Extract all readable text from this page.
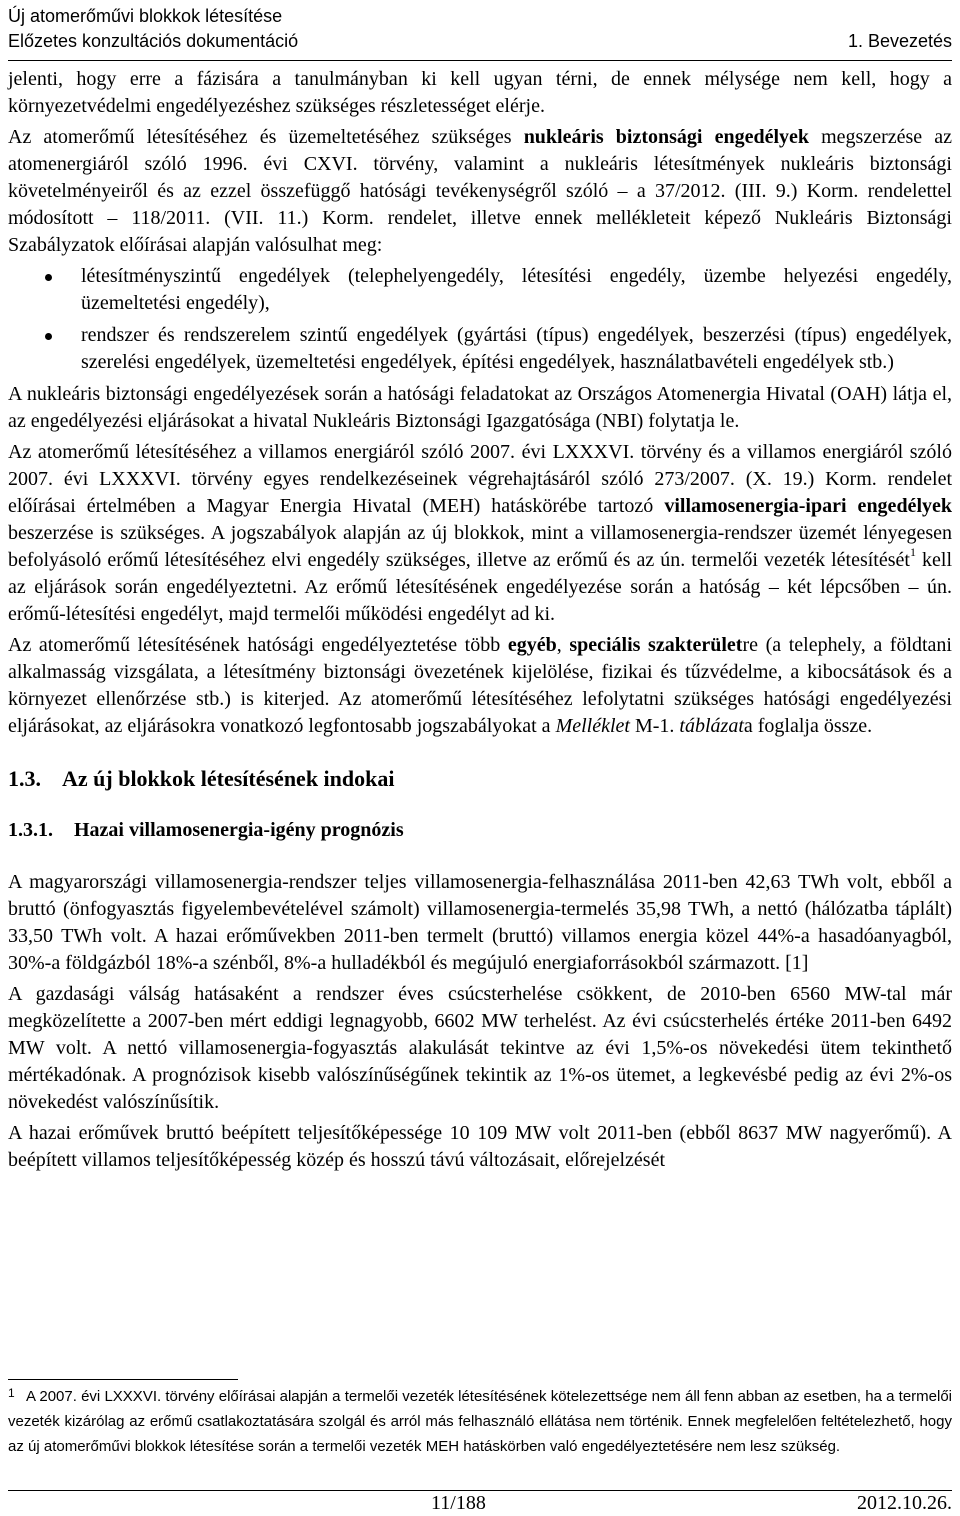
Új atomerőművi blokkok létesítése
Előzetes konzultációs dokumentáció	1. Bevezetés

jelenti, hogy erre a fázisára a tanulmányban ki kell ugyan térni, de ennek mélysége nem kell, hogy a környezetvédelmi engedélyezéshez szükséges részletességet elérje.

Az atomerőmű létesítéséhez és üzemeltetéséhez szükséges nukleáris biztonsági engedélyek megszerzése az atomenergiáról szóló 1996. évi CXVI. törvény, valamint a nukleáris létesítmények nukleáris biztonsági követelményeiről és az ezzel összefüggő hatósági tevékenységről szóló – a 37/2012. (III. 9.) Korm. rendelettel módosított – 118/2011. (VII. 11.) Korm. rendelet, illetve ennek mellékleteit képező Nukleáris Biztonsági Szabályzatok előírásai alapján valósulhat meg:

létesítményszintű engedélyek (telephelyengedély, létesítési engedély, üzembe helyezési engedély, üzemeltetési engedély),
rendszer és rendszerelem szintű engedélyek (gyártási (típus) engedélyek, beszerzési (típus) engedélyek, szerelési engedélyek, üzemeltetési engedélyek, építési engedélyek, használatbavételi engedélyek stb.)

A nukleáris biztonsági engedélyezések során a hatósági feladatokat az Országos Atomenergia Hivatal (OAH) látja el, az engedélyezési eljárásokat a hivatal Nukleáris Biztonsági Igazgatósága (NBI) folytatja le.

Az atomerőmű létesítéséhez a villamos energiáról szóló 2007. évi LXXXVI. törvény és a villamos energiáról szóló 2007. évi LXXXVI. törvény egyes rendelkezéseinek végrehajtásáról szóló 273/2007. (X. 19.) Korm. rendelet előírásai értelmében a Magyar Energia Hivatal (MEH) hatáskörébe tartozó villamosenergia-ipari engedélyek beszerzése is szükséges. A jogszabályok alapján az új blokkok, mint a villamosenergia-rendszer üzemét lényegesen befolyásoló erőmű létesítéséhez elvi engedély szükséges, illetve az erőmű és az ún. termelői vezeték létesítését$^1$ kell az eljárások során engedélyeztetni. Az erőmű létesítésének engedélyezése során a hatóság – két lépcsőben – ún. erőmű-létesítési engedélyt, majd termelői működési engedélyt ad ki.

Az atomerőmű létesítésének hatósági engedélyeztetése több egyéb, speciális szakterületre (a telephely, a földtani alkalmasság vizsgálata, a létesítmény biztonsági övezetének kijelölése, fizikai és tűzvédelme, a kibocsátások és a környezet ellenőrzése stb.) is kiterjed. Az atomerőmű létesítéséhez lefolytatni szükséges hatósági engedélyezési eljárásokat, az eljárásokra vonatkozó legfontosabb jogszabályokat a Melléklet M-1. táblázata foglalja össze.

1.3. Az új blokkok létesítésének indokai
1.3.1. Hazai villamosenergia-igény prognózis

A magyarországi villamosenergia-rendszer teljes villamosenergia-felhasználása 2011-ben 42,63 TWh volt, ebből a bruttó (önfogyasztás figyelembevételével számolt) villamosenergia-termelés 35,98 TWh, a nettó (hálózatba táplált) 33,50 TWh volt. A hazai erőművekben 2011-ben termelt (bruttó) villamos energia közel 44%-a hasadóanyagból, 30%-a földgázból 18%-a szénből, 8%-a hulladékból és megújuló energiaforrásokból származott. [1]

A gazdasági válság hatásaként a rendszer éves csúcsterhelése csökkent, de 2010-ben 6560 MW-tal már megközelítette a 2007-ben mért eddigi legnagyobb, 6602 MW terhelést. Az évi csúcsterhelés értéke 2011-ben 6492 MW volt. A nettó villamosenergia-fogyasztás alakulását tekintve az évi 1,5%-os növekedési ütem tekinthető mértékadónak. A prognózisok kisebb valószínűségűnek tekintik az 1%-os ütemet, a legkevésbé pedig az évi 2%-os növekedést valószínűsítik.

A hazai erőművek bruttó beépített teljesítőképessége 10 109 MW volt 2011-ben (ebből 8637 MW nagyerőmű). A beépített villamos teljesítőképesség közép és hosszú távú változásait, előrejelzését

1 A 2007. évi LXXXVI. törvény előírásai alapján a termelői vezeték létesítésének kötelezettsége nem áll fenn abban az esetben, ha a termelői vezeték kizárólag az erőmű csatlakoztatására szolgál és arról más felhasználó ellátása nem történik. Ennek megfelelően feltételezhető, hogy az új atomerőművi blokkok létesítése során a termelői vezeték MEH hatáskörben való engedélyeztetésére nem lesz szükség.
11/188	2012.10.26.
